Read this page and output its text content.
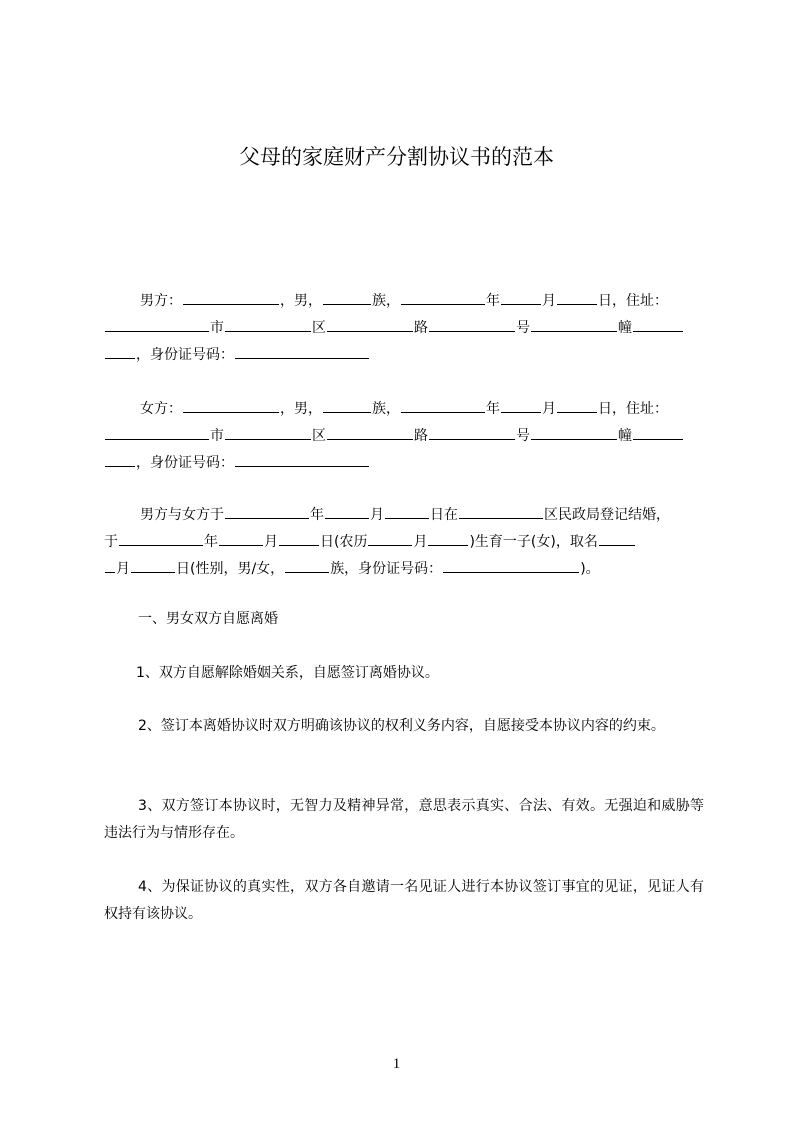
父母的家庭财产分割协议书的范本
男方：	，男，	族，	年	月	日，住址：
市	区	路	号	幢
，身份证号码：
女方：	，男，	族，	年	月	日，住址：
市	区	路	号	幢
，身份证号码：
男方与女方于	年	月	日在	区民政局登记结婚，
于	年	月	日(农历	月	)生育一子(女)，取名
月	日(性别，男/女，	族，身份证号码：	)。
一、男女双方自愿离婚
1、双方自愿解除婚姻关系，自愿签订离婚协议。
2、签订本离婚协议时双方明确该协议的权利义务内容，自愿接受本协议内容的约束。
3、双方签订本协议时，无智力及精神异常，意思表示真实、合法、有效。无强迫和威胁等违法行为与情形存在。
4、为保证协议的真实性，双方各自邀请一名见证人进行本协议签订事宜的见证，见证人有权持有该协议。
1
